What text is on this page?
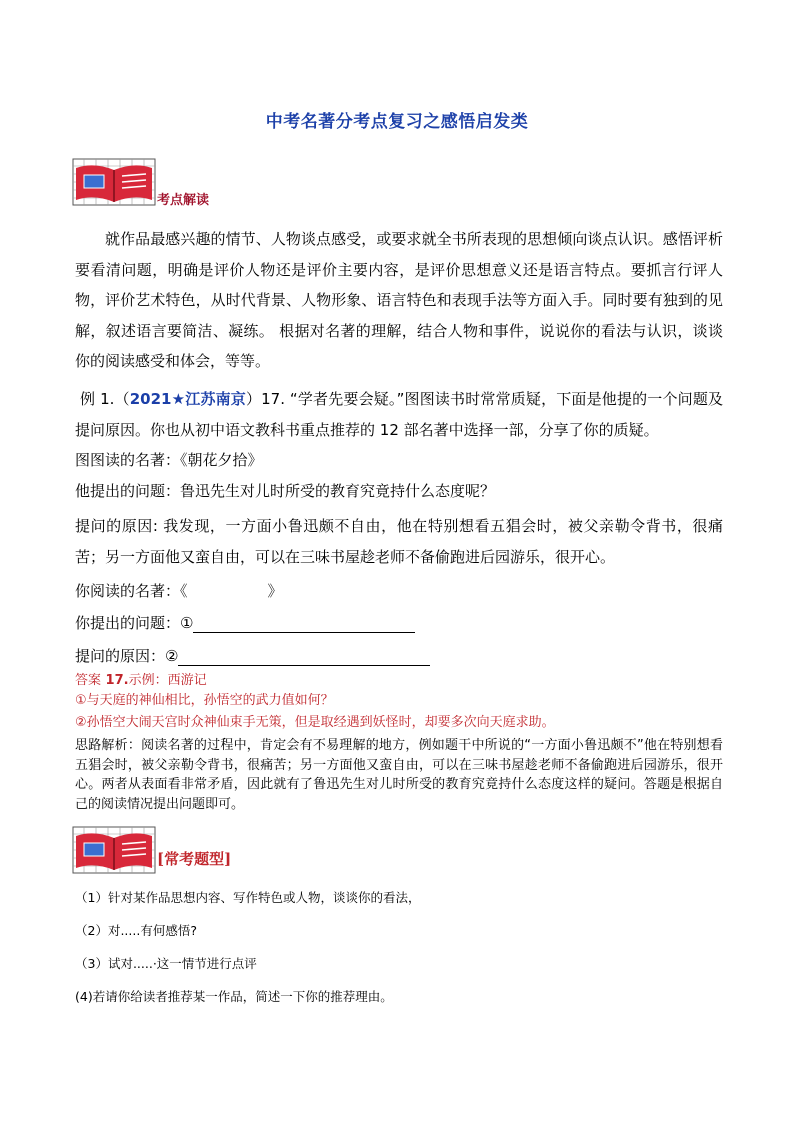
中考名著分考点复习之感悟启发类
考点解读

就作品最感兴趣的情节、人物谈点感受，或要求就全书所表现的思想倾向谈点认识。感悟评析要看清问题，明确是评价人物还是评价主要内容，是评价思想意义还是语言特点。要抓言行评人物，评价艺术特色，从时代背景、人物形象、语言特色和表现手法等方面入手。同时要有独到的见解，叙述语言要简洁、凝练。 根据对名著的理解，结合人物和事件，说说你的看法与认识，谈谈你的阅读感受和体会，等等。

例 1.（2021★江苏南京）17. “学者先要会疑。”图图读书时常常质疑，下面是他提的一个问题及提问原因。你也从初中语文教科书重点推荐的 12 部名著中选择一部，分享了你的质疑。

图图读的名著：《朝花夕拾》

他提出的问题：鲁迅先生对儿时所受的教育究竟持什么态度呢？

提问的原因: 我发现，一方面小鲁迅颇不自由，他在特别想看五猖会时，被父亲勒令背书，很痛苦；另一方面他又蛮自由，可以在三味书屋趁老师不备偷跑进后园游乐，很开心。

你阅读的名著：《	》
你提出的问题：①
提问的原因：②
答案 17.示例：西游记
①与天庭的神仙相比，孙悟空的武力值如何？
②孙悟空大闹天宫时众神仙束手无策，但是取经遇到妖怪时，却要多次向天庭求助。
思路解析：阅读名著的过程中，肯定会有不易理解的地方，例如题干中所说的“一方面小鲁迅颇不”他在特别想看五猖会时，被父亲勒令背书，很痛苦；另一方面他又蛮自由，可以在三味书屋趁老师不备偷跑进后园游乐，很开心。两者从表面看非常矛盾，因此就有了鲁迅先生对儿时所受的教育究竟持什么态度这样的疑问。答题是根据自己的阅读情况提出问题即可。
[常考题型]
（1）针对某作品思想内容、写作特色或人物，谈谈你的看法，
（2）对.....有何感悟?
（3）试对.....·这一情节进行点评
(4)若请你给读者推荐某一作品，简述一下你的推荐理由。
